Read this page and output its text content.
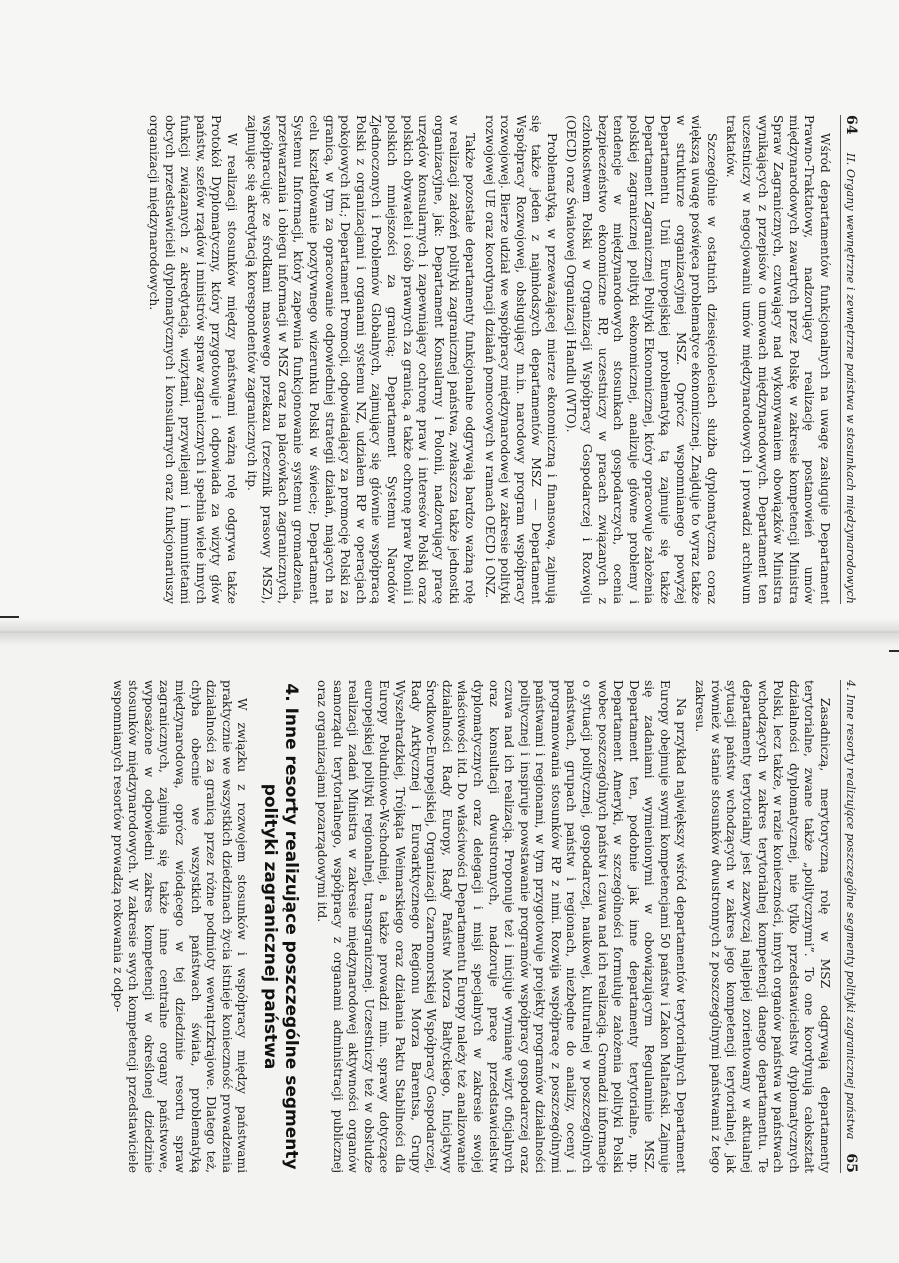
64
II. Organy wewnętrzne i zewnętrzne państwa w stosunkach międzynarodowych

Wśród departamentów funkcjonalnych na uwagę zasługuje Departament Prawno-Traktatowy, nadzorujący realizację postanowień umów międzynarodowych zawartych przez Polskę w zakresie kompetencji Ministra Spraw Zagranicznych, czuwający nad wykonywaniem obowiązków Ministra wynikających z przepisów o umowach międzynarodowych. Departament ten uczestniczy w negocjowaniu umów międzynarodowych i prowadzi archiwum traktatów.

Szczególnie w ostatnich dziesięcioleciach służba dyplomatyczna coraz większą uwagę poświęca problematyce ekonomicznej. Znajduje to wyraz także w strukturze organizacyjnej MSZ. Oprócz wspomnianego powyżej Departamentu Unii Europejskiej problematyką tą zajmuje się także Departament Zagranicznej Polityki Ekonomicznej, który opracowuje założenia polskiej zagranicznej polityki ekonomicznej, analizuje główne problemy i tendencje w międzynarodowych stosunkach gospodarczych, ocenia bezpieczeństwo ekonomiczne RP, uczestniczy w pracach związanych z członkostwem Polski w Organizacji Współpracy Gospodarczej i Rozwoju (OECD) oraz Światowej Organizacji Handlu (WTO).

Problematyką, w przeważającej mierze ekonomiczną i finansową, zajmują się także jeden z najmłodszych departamentów MSZ — Departament Współpracy Rozwojowej, obsługujący m.in. narodowy program współpracy rozwojowej. Bierze udział we współpracy międzynarodowej w zakresie polityki rozwojowej UE oraz koordynacji działań pomocowych w ramach OECD i ONZ.

Także pozostałe departamenty funkcjonalne odgrywają bardzo ważną rolę w realizacji założeń polityki zagranicznej państwa, zwłaszcza także jednostki organizacyjne, jak: Departament Konsularny i Polonii, nadzorujący pracę urzędów konsularnych i zapewniający ochronę praw i interesów Polski oraz polskich obywateli i osób prawnych za granicą, a także ochronę praw Polonii i polskich mniejszości za granicą; Departament Systemu Narodów Zjednoczonych i Problemów Globalnych, zajmujący się głównie współpracą Polski z organizacjami i organami systemu NZ, udziałem RP w operacjach pokojowych itd.; Departament Promocji, odpowiadający za promocję Polski za granicą, w tym za opracowanie odpowiedniej strategii działań, mających na celu kształtowanie pozytywnego wizerunku Polski w świecie; Departament Systemu Informacji, który zapewnia funkcjonowanie systemu gromadzenia, przetwarzania i obiegu informacji w MSZ oraz na placówkach zagranicznych, współpracując ze środkami masowego przekazu (rzecznik prasowy MSZ), zajmując się akredytacją korespondentów zagranicznych itp.

W realizacji stosunków między państwami ważną rolę odgrywa także Protokół Dyplomatyczny, który przygotowuje i odpowiada za wizyty głów państw, szefów rządów i ministrów spraw zagranicznych i spełnia wiele innych funkcji związanych z akredytacją, wizytami, przywilejami i immunitetami obcych przedstawicieli dyplomatycznych i konsularnych oraz funkcjonariuszy organizacji międzynarodowych.

4. Inne resorty realizujące poszczególne segmenty polityki zagranicznej państwa
65

Zasadniczą, merytoryczną rolę w MSZ odgrywają departamenty terytorialne, zwane także „politycznymi”. To one koordynują całokształt działalności dyplomatycznej, nie tylko przedstawicielstw dyplomatycznych Polski, lecz także, w razie konieczności, innych organów państwa w państwach wchodzących w zakres terytorialnej kompetencji danego departamentu. Te departamenty terytorialny jest zazwyczaj najlepiej zorientowany w aktualnej sytuacji państw wchodzących w zakres jego kompetencji terytorialnej, jak również w stanie stosunków dwustronnych z poszczególnymi państwami z tego zakresu.

Na przykład największy wśród departamentów terytorialnych Departament Europy obejmuje swymi kompetencjami 50 państw i Zakon Maltański. Zajmuje się zadaniami wymienionymi w obowiązującym Regulaminie MSZ. Departament ten, podobnie jak inne departamenty terytorialne, np. Departament Ameryki, w szczególności formułuje założenia polityki Polski wobec poszczególnych państw i czuwa nad ich realizacją. Gromadzi informacje o sytuacji politycznej, gospodarczej, naukowej, kulturalnej w poszczególnych państwach, grupach państw i regionach, niezbędne do analizy, oceny i programowania stosunków RP z nimi. Rozwija współpracę z poszczególnymi państwami i regionami, w tym przygotowuje projekty programów działalności politycznej i inspiruje powstawanie programów współpracy gospodarczej oraz czuwa nad ich realizacją. Proponuje też i inicjuje wymianę wizyt oficjalnych oraz konsultacji dwustronnych, nadzoruje pracę przedstawicielstw dyplomatycznych oraz delegacji i misji specjalnych w zakresie swojej właściwości itd. Do właściwości Departamentu Europy należy też analizowanie działalności Rady Europy, Rady Państw Morza Bałtyckiego, Inicjatywy Środkowo-Europejskiej, Organizacji Czarnomorskiej Współpracy Gospodarczej, Rady Arktycznej i Euroarktycznego Regionu Morza Barentsa, Grupy Wyszehradzkiej, Trójkąta Weimarskiego oraz działania Paktu Stabilności dla Europy Południowo-Wschodniej, a także prowadzi min. sprawy dotyczące europejskiej polityki regionalnej, transgranicznej. Uczestniczy też w obsłudze realizacji zadań Ministra w zakresie międzynarodowej aktywności organów samorządu terytorialnego, współpracy z organami administracji publicznej oraz organizacjami pozarządowymi itd.

4. Inne resorty realizujące poszczególne segmenty
polityki zagranicznej państwa

W związku z rozwojem stosunków i współpracy między państwami praktycznie we wszystkich dziedzinach życia istnieje konieczność prowadzenia działalności za granicą przez różne podmioty wewnątrzkrajowe. Dlatego też, chyba obecnie we wszystkich państwach świata, problematyką międzynarodową, oprócz wiodącego w tej dziedzinie resortu spraw zagranicznych, zajmują się także inne centralne organy państwowe, wyposażone w odpowiedni zakres kompetencji w określonej dziedzinie stosunków międzynarodowych. W zakresie swych kompetencji przedstawiciele wspomnianych resortów prowadzą rokowania z odpo-
